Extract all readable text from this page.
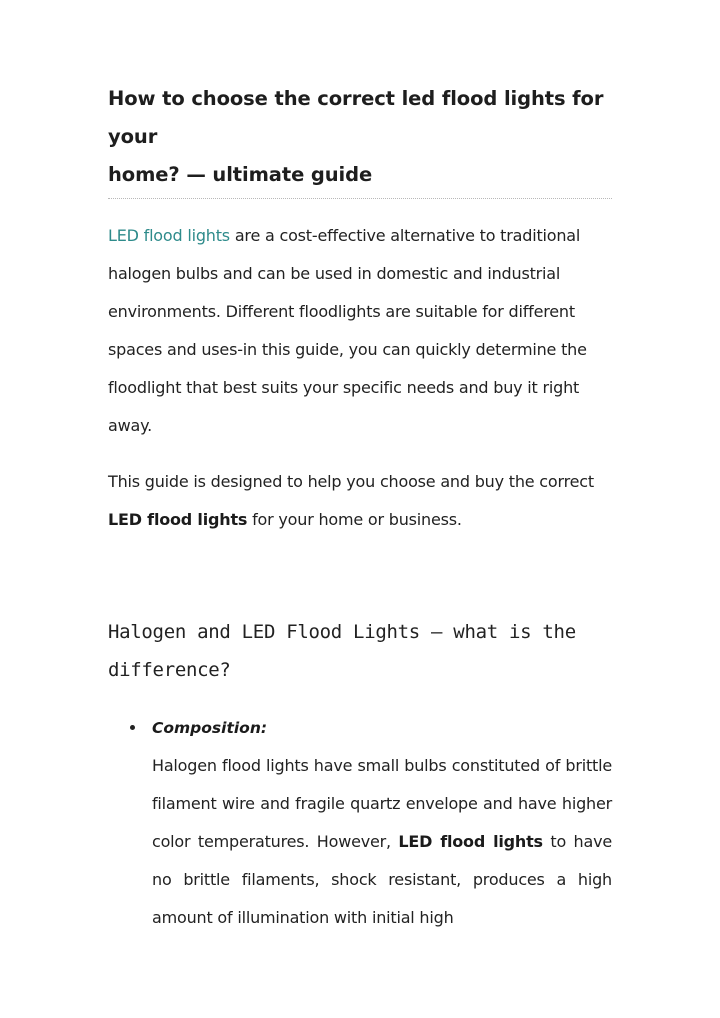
How to choose the correct led flood lights for your
home? — ultimate guide

LED flood lights are a cost-effective alternative to traditional halogen bulbs and can be used in domestic and industrial environments. Different floodlights are suitable for different spaces and uses-in this guide, you can quickly determine the floodlight that best suits your specific needs and buy it right away.

This guide is designed to help you choose and buy the correct LED flood lights for your home or business.

Halogen and LED Flood Lights – what is the difference?

Composition:

Halogen flood lights have small bulbs constituted of brittle filament wire and fragile quartz envelope and have higher color temperatures. However, LED flood lights to have no brittle filaments, shock resistant, produces a high amount of illumination with initial high
